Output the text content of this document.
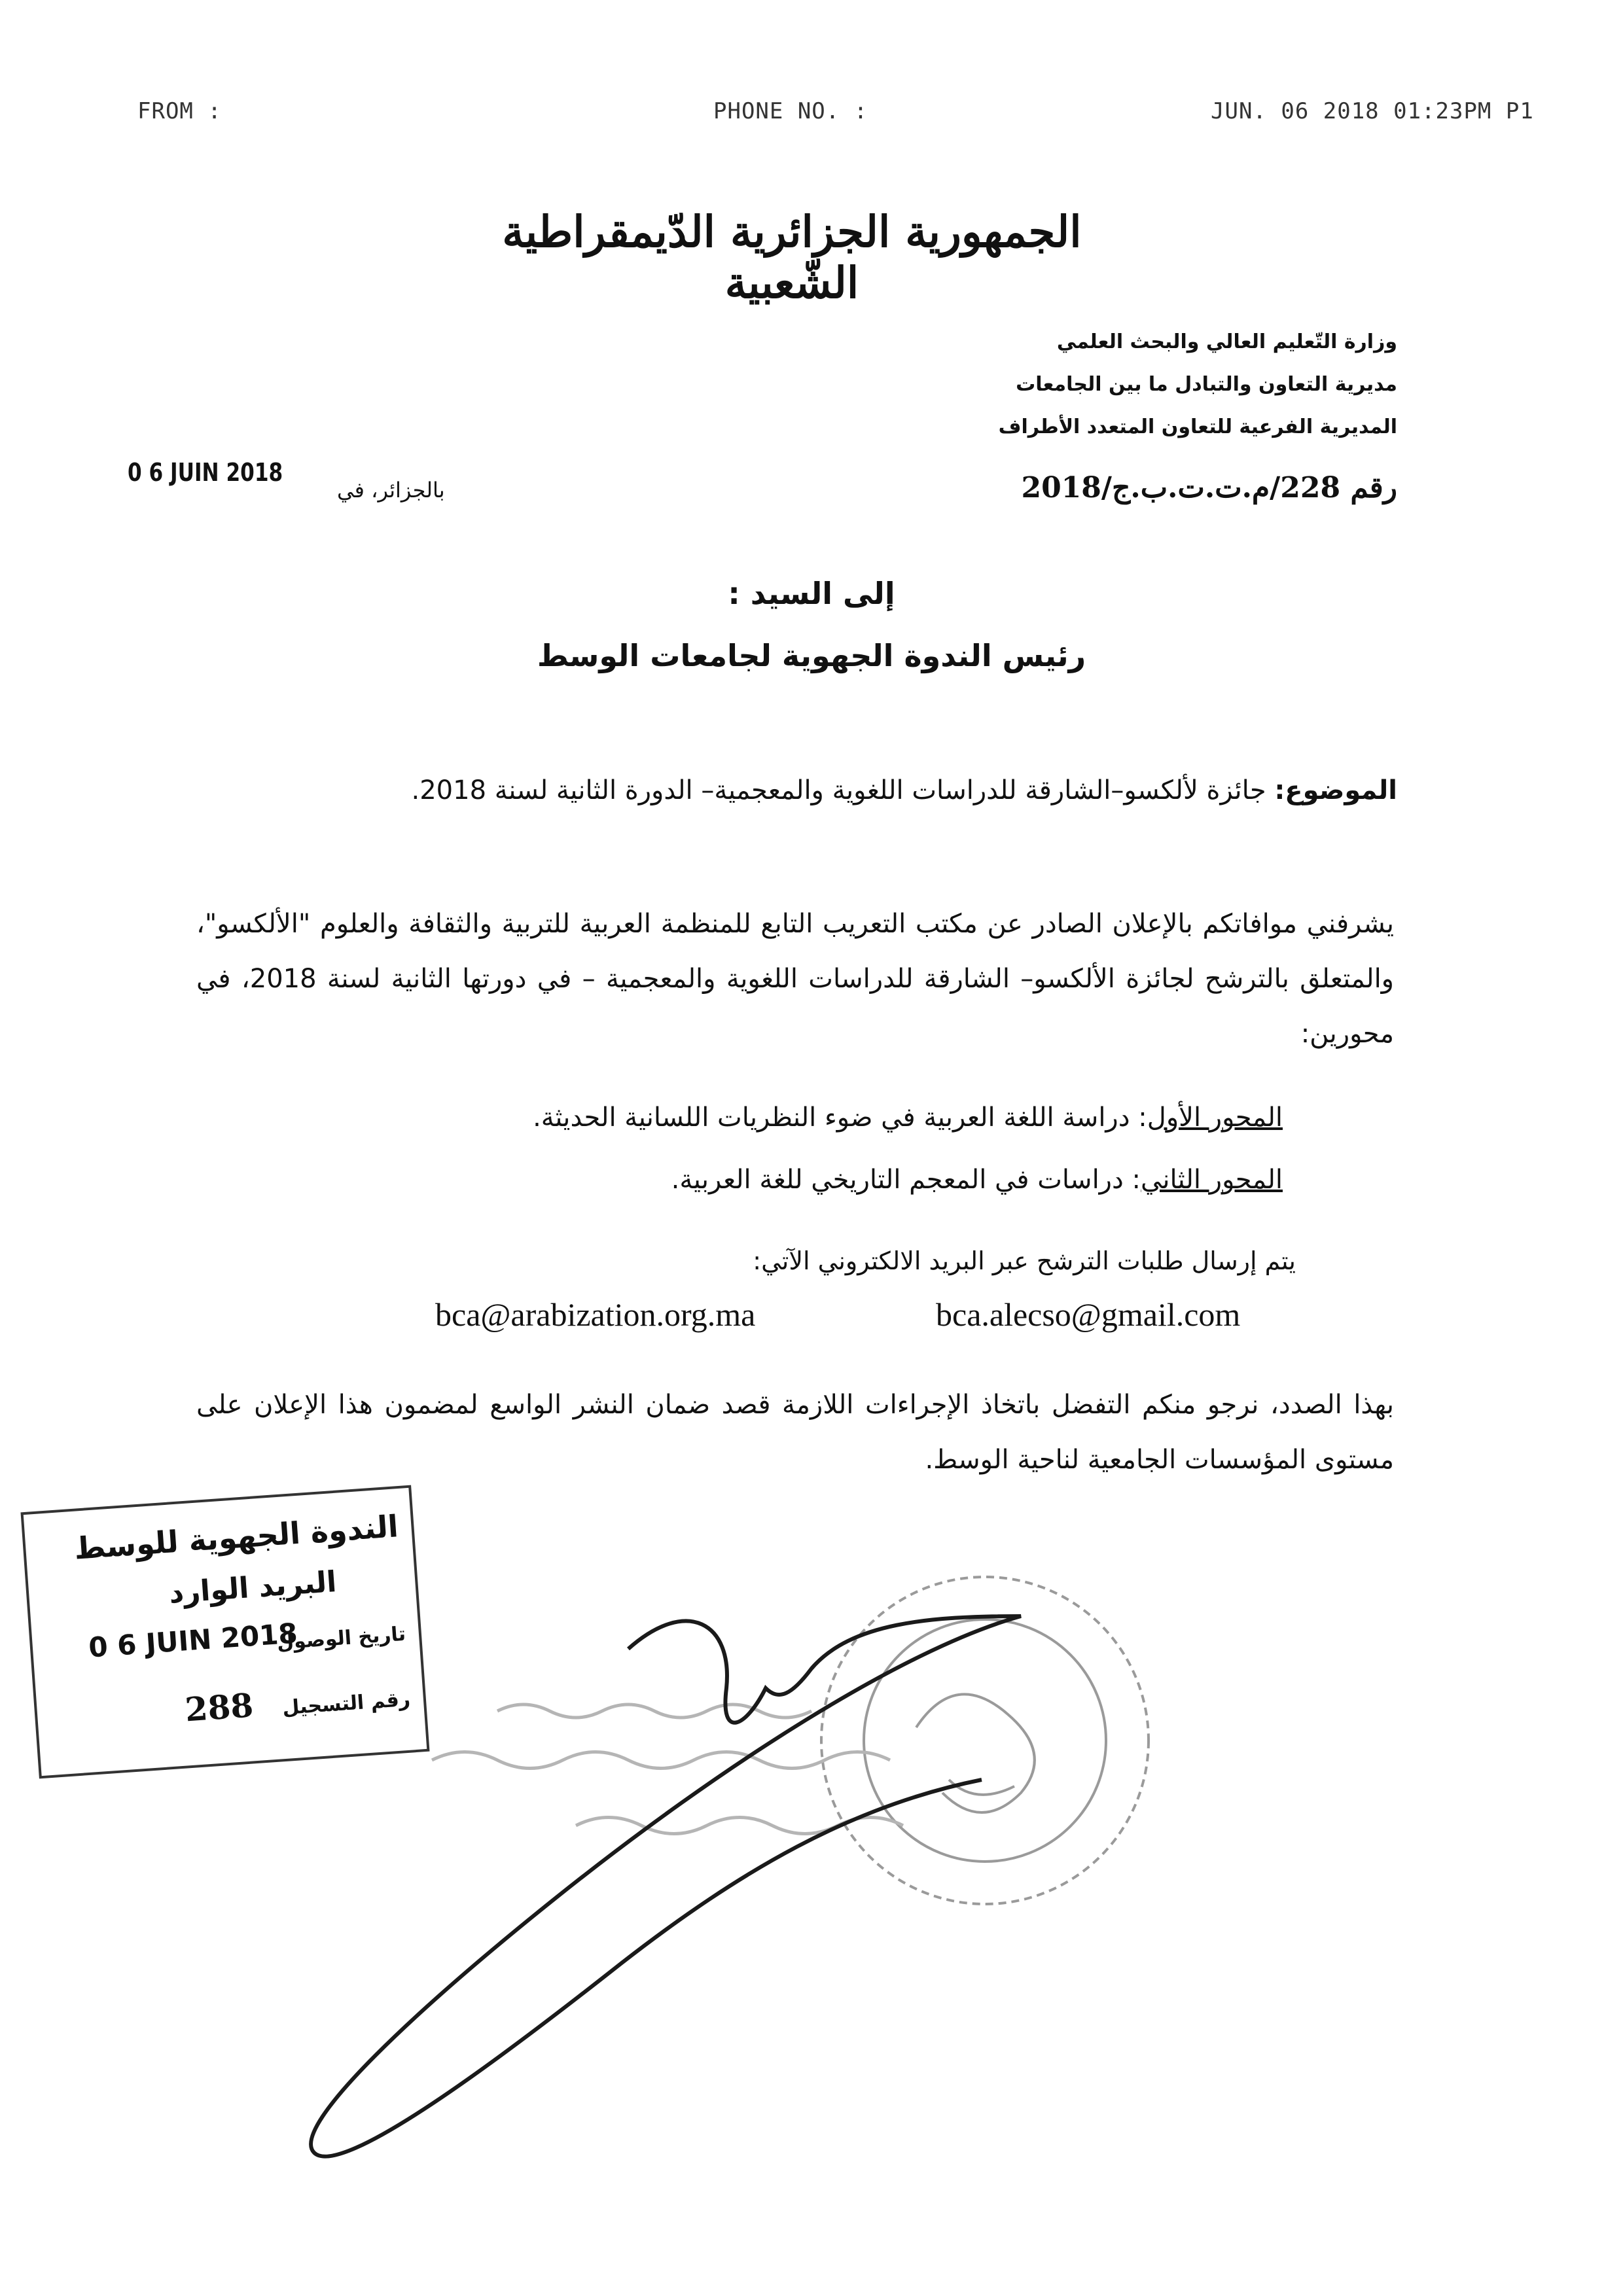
FROM :	PHONE NO. :	JUN. 06 2018 01:23PM P1
الجمهورية الجزائرية الدّيمقراطية الشّعبية
وزارة التّعليم العالي والبحث العلمي
مديرية التعاون والتبادل ما بين الجامعات
المديرية الفرعية للتعاون المتعدد الأطراف
رقم 228/م.ت.ت.ب.ج/2018
0 6 JUIN 2018
بالجزائر، في
إلى السيد :
رئيس الندوة الجهوية لجامعات الوسط
الموضوع: جائزة لألكسو–الشارقة للدراسات اللغوية والمعجمية– الدورة الثانية لسنة 2018.
يشرفني موافاتكم بالإعلان الصادر عن مكتب التعريب التابع للمنظمة العربية للتربية والثقافة والعلوم "الألكسو"، والمتعلق بالترشح لجائزة الألكسو– الشارقة للدراسات اللغوية والمعجمية – في دورتها الثانية لسنة 2018، في محورين:
المحور الأول: دراسة اللغة العربية في ضوء النظريات اللسانية الحديثة.
المحور الثاني: دراسات في المعجم التاريخي للغة العربية.
يتم إرسال طلبات الترشح عبر البريد الالكتروني الآتي:
bca.alecso@gmail.com
bca@arabization.org.ma
بهذا الصدد، نرجو منكم التفضل باتخاذ الإجراءات اللازمة قصد ضمان النشر الواسع لمضمون هذا الإعلان على مستوى المؤسسات الجامعية لناحية الوسط.
الندوة الجهوية للوسط
البريد الوارد
تاريخ الوصول
0 6 JUIN 2018
رقم التسجيل
288
